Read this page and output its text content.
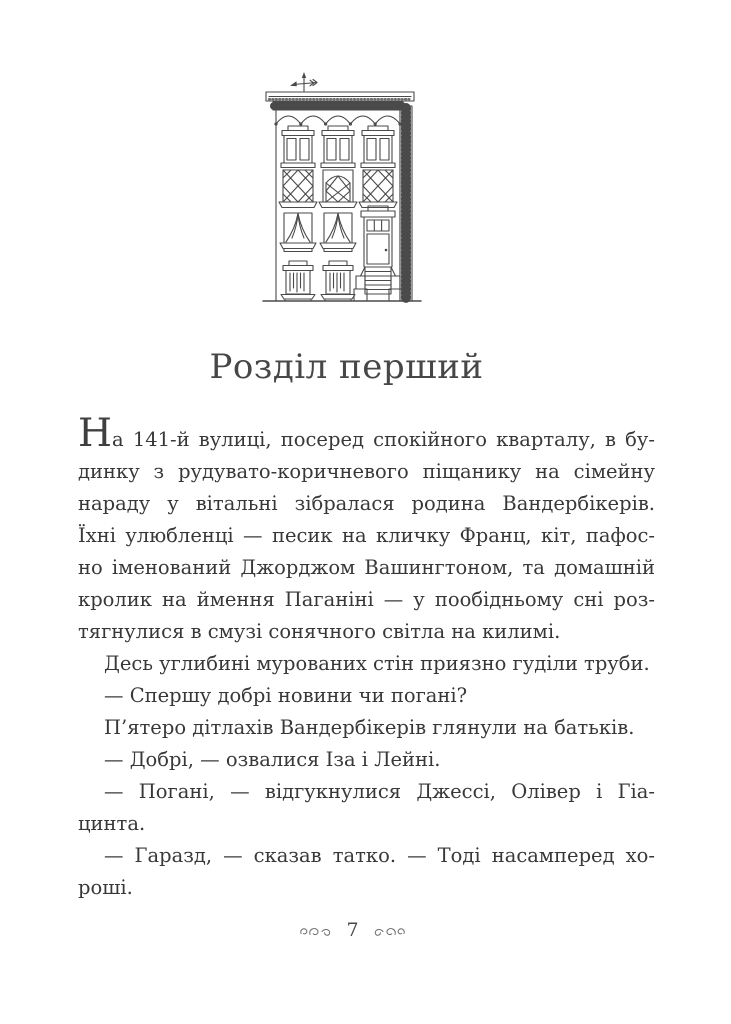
Розділ перший
На 141-й вулиці, посеред спокійного кварталу, в бу-
динку з рудувато-коричневого піщанику на сімейну
нараду у вітальні зібралася родина Вандербікерів.
Їхні улюбленці — песик на кличку Франц, кіт, пафос-
но іменований Джорджом Вашингтоном, та домашній
кролик на ймення Паганіні — у пообідньому сні роз-
тягнулися в смузі сонячного світла на килимі.
Десь углибині мурованих стін приязно гуділи труби.
— Спершу добрі новини чи погані?
П’ятеро дітлахів Вандербікерів глянули на батьків.
— Добрі, — озвалися Іза і Лейні.
— Погані, — відгукнулися Джессі, Олівер і Гіа-
цинта.
— Гаразд, — сказав татко. — Тоді насамперед хо-
роші.
7
